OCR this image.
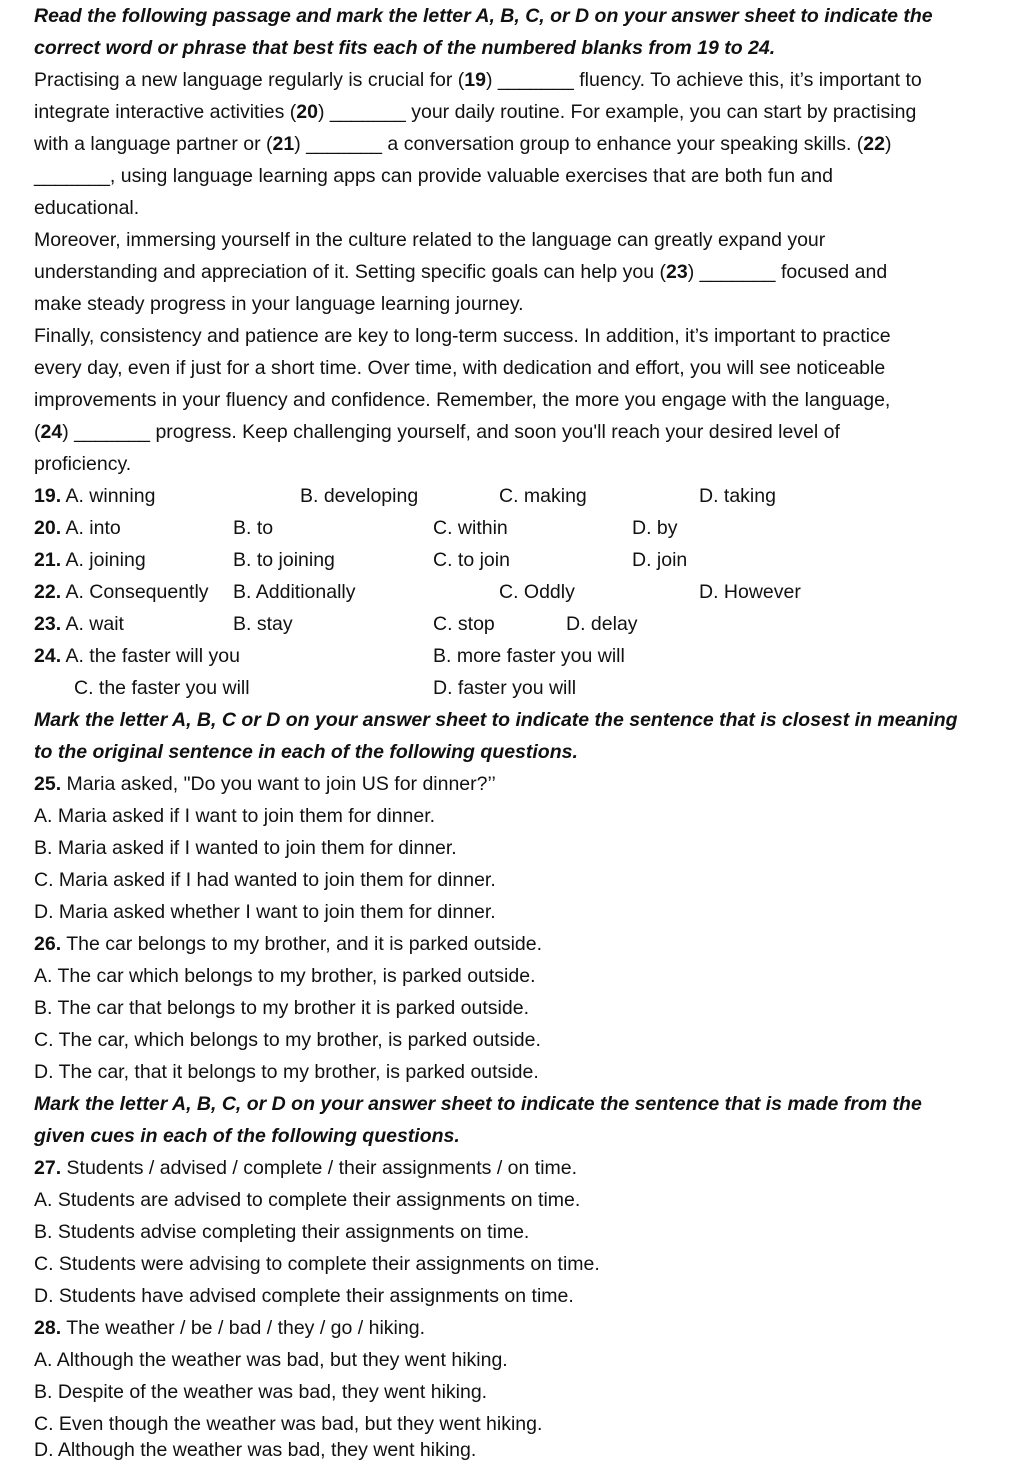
Read the following passage and mark the letter A, B, C, or D on your answer sheet to indicate the
correct word or phrase that best fits each of the numbered blanks from 19 to 24.
Practising a new language regularly is crucial for (19) _______ fluency. To achieve this, it’s important to
integrate interactive activities (20) _______ your daily routine. For example, you can start by practising
with a language partner or (21) _______ a conversation group to enhance your speaking skills. (22)
_______, using language learning apps can provide valuable exercises that are both fun and
educational.
Moreover, immersing yourself in the culture related to the language can greatly expand your
understanding and appreciation of it. Setting specific goals can help you (23) _______ focused and
make steady progress in your language learning journey.
Finally, consistency and patience are key to long-term success. In addition, it’s important to practice
every day, even if just for a short time. Over time, with dedication and effort, you will see noticeable
improvements in your fluency and confidence. Remember, the more you engage with the language,
(24) _______ progress. Keep challenging yourself, and soon you'll reach your desired level of
proficiency.
19. A. winning	B. developing	C. making	D. taking
20. A. into	B. to	C. within	D. by
21. A. joining	B. to joining	C. to join	D. join
22. A. Consequently B. Additionally	C. Oddly	D. However
23. A. wait	B. stay	C. stop	D. delay
24. A. the faster will you	B. more faster you will
C. the faster you will	D. faster you will
Mark the letter A, B, C or D on your answer sheet to indicate the sentence that is closest in meaning
to the original sentence in each of the following questions.
25. Maria asked, "Do you want to join US for dinner?’’
A. Maria asked if I want to join them for dinner.
B. Maria asked if I wanted to join them for dinner.
C. Maria asked if I had wanted to join them for dinner.
D. Maria asked whether I want to join them for dinner.
26. The car belongs to my brother, and it is parked outside.
A. The car which belongs to my brother, is parked outside.
B. The car that belongs to my brother it is parked outside.
C. The car, which belongs to my brother, is parked outside.
D. The car, that it belongs to my brother, is parked outside.
Mark the letter A, B, C, or D on your answer sheet to indicate the sentence that is made from the
given cues in each of the following questions.
27. Students / advised / complete / their assignments / on time.
A. Students are advised to complete their assignments on time.
B. Students advise completing their assignments on time.
C. Students were advising to complete their assignments on time.
D. Students have advised complete their assignments on time.
28. The weather / be / bad / they / go / hiking.
A. Although the weather was bad, but they went hiking.
B. Despite of the weather was bad, they went hiking.
C. Even though the weather was bad, but they went hiking.
D. Although the weather was bad, they went hiking.
